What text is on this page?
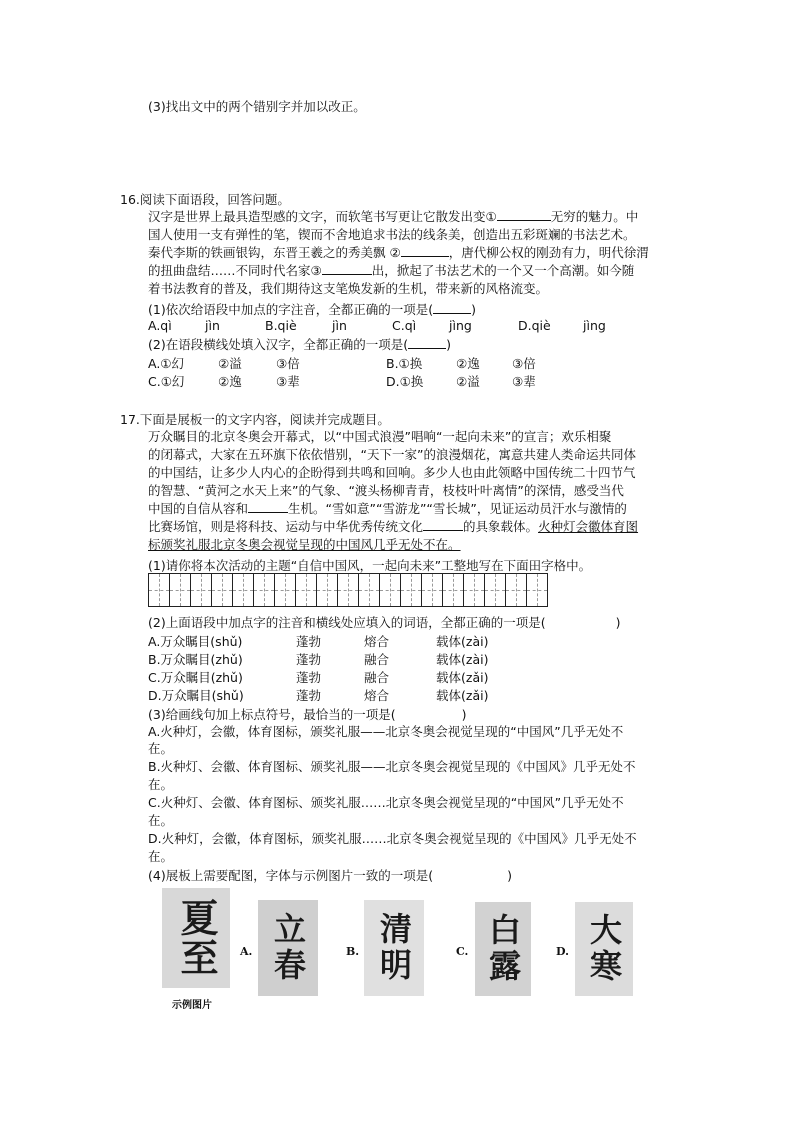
(3)找出文中的两个错别字并加以改正。
16.阅读下面语段，回答问题。
汉字是世界上最具造型感的文字，而软笔书写更让它散发出变①	无穷的魅力。中
国人使用一支有弹性的笔，锲而不舍地追求书法的线条美，创造出五彩斑斓的书法艺术。
秦代李斯的铁画银钩，东晋王羲之的秀美飘 ②	，唐代柳公权的刚劲有力，明代徐渭
的扭曲盘结……不同时代名家③	出，掀起了书法艺术的一个又一个高潮。如今随
着书法教育的普及，我们期待这支笔焕发新的生机，带来新的风格流变。
(1)依次给语段中加点的字注音，全都正确的一项是(	)
A.qì	jìn	B.qiè	jìn	C.qì	jìng	D.qiè	jìng
(2)在语段横线处填入汉字，全都正确的一项是(	)
A.①幻	②溢	③倍	B.①换	②逸	③倍
C.①幻	②逸	③辈	D.①换	②溢	③辈
17.下面是展板一的文字内容，阅读并完成题目。
万众瞩目的北京冬奥会开幕式，以“中国式浪漫”唱响“一起向未来”的宣言；欢乐相聚
的闭幕式，大家在五环旗下依依惜别，“天下一家”的浪漫烟花，寓意共建人类命运共同体
的中国结，让多少人内心的企盼得到共鸣和回响。多少人也由此领略中国传统二十四节气
的智慧、“黄河之水天上来”的气象、“渡头杨柳青青，枝枝叶叶离情”的深情，感受当代
中国的自信从容和	生机。“雪如意”“雪游龙”“雪长城”，见证运动员汗水与激情的
比赛场馆，则是将科技、运动与中华优秀传统文化	的具象载体。火种灯会徽体育图
标颁奖礼服北京冬奥会视觉呈现的中国风几乎无处不在。
(1)请你将本次活动的主题“自信中国风，一起向未来”工整地写在下面田字格中。
(2)上面语段中加点字的注音和横线处应填入的词语，全都正确的一项是(	)
A.万众瞩目(shǔ)	蓬勃	熔合	载体(zài)
B.万众瞩目(zhǔ)	蓬勃	融合	载体(zài)
C.万众瞩目(zhǔ)	蓬勃	融合	载体(zǎi)
D.万众瞩目(shǔ)	蓬勃	熔合	载体(zǎi)
(3)给画线句加上标点符号，最恰当的一项是(	)
A.火种灯，会徽，体育图标，颁奖礼服——北京冬奥会视觉呈现的“中国风”几乎无处不
在。
B.火种灯、会徽、体育图标、颁奖礼服——北京冬奥会视觉呈现的《中国风》几乎无处不
在。
C.火种灯、会徽、体育图标、颁奖礼服……北京冬奥会视觉呈现的“中国风”几乎无处不
在。
D.火种灯，会徽，体育图标，颁奖礼服……北京冬奥会视觉呈现的《中国风》几乎无处不
在。
(4)展板上需要配图，字体与示例图片一致的一项是(	)
夏至
示例图片
A. 立春	B. 清明	C. 白露	D. 大寒
